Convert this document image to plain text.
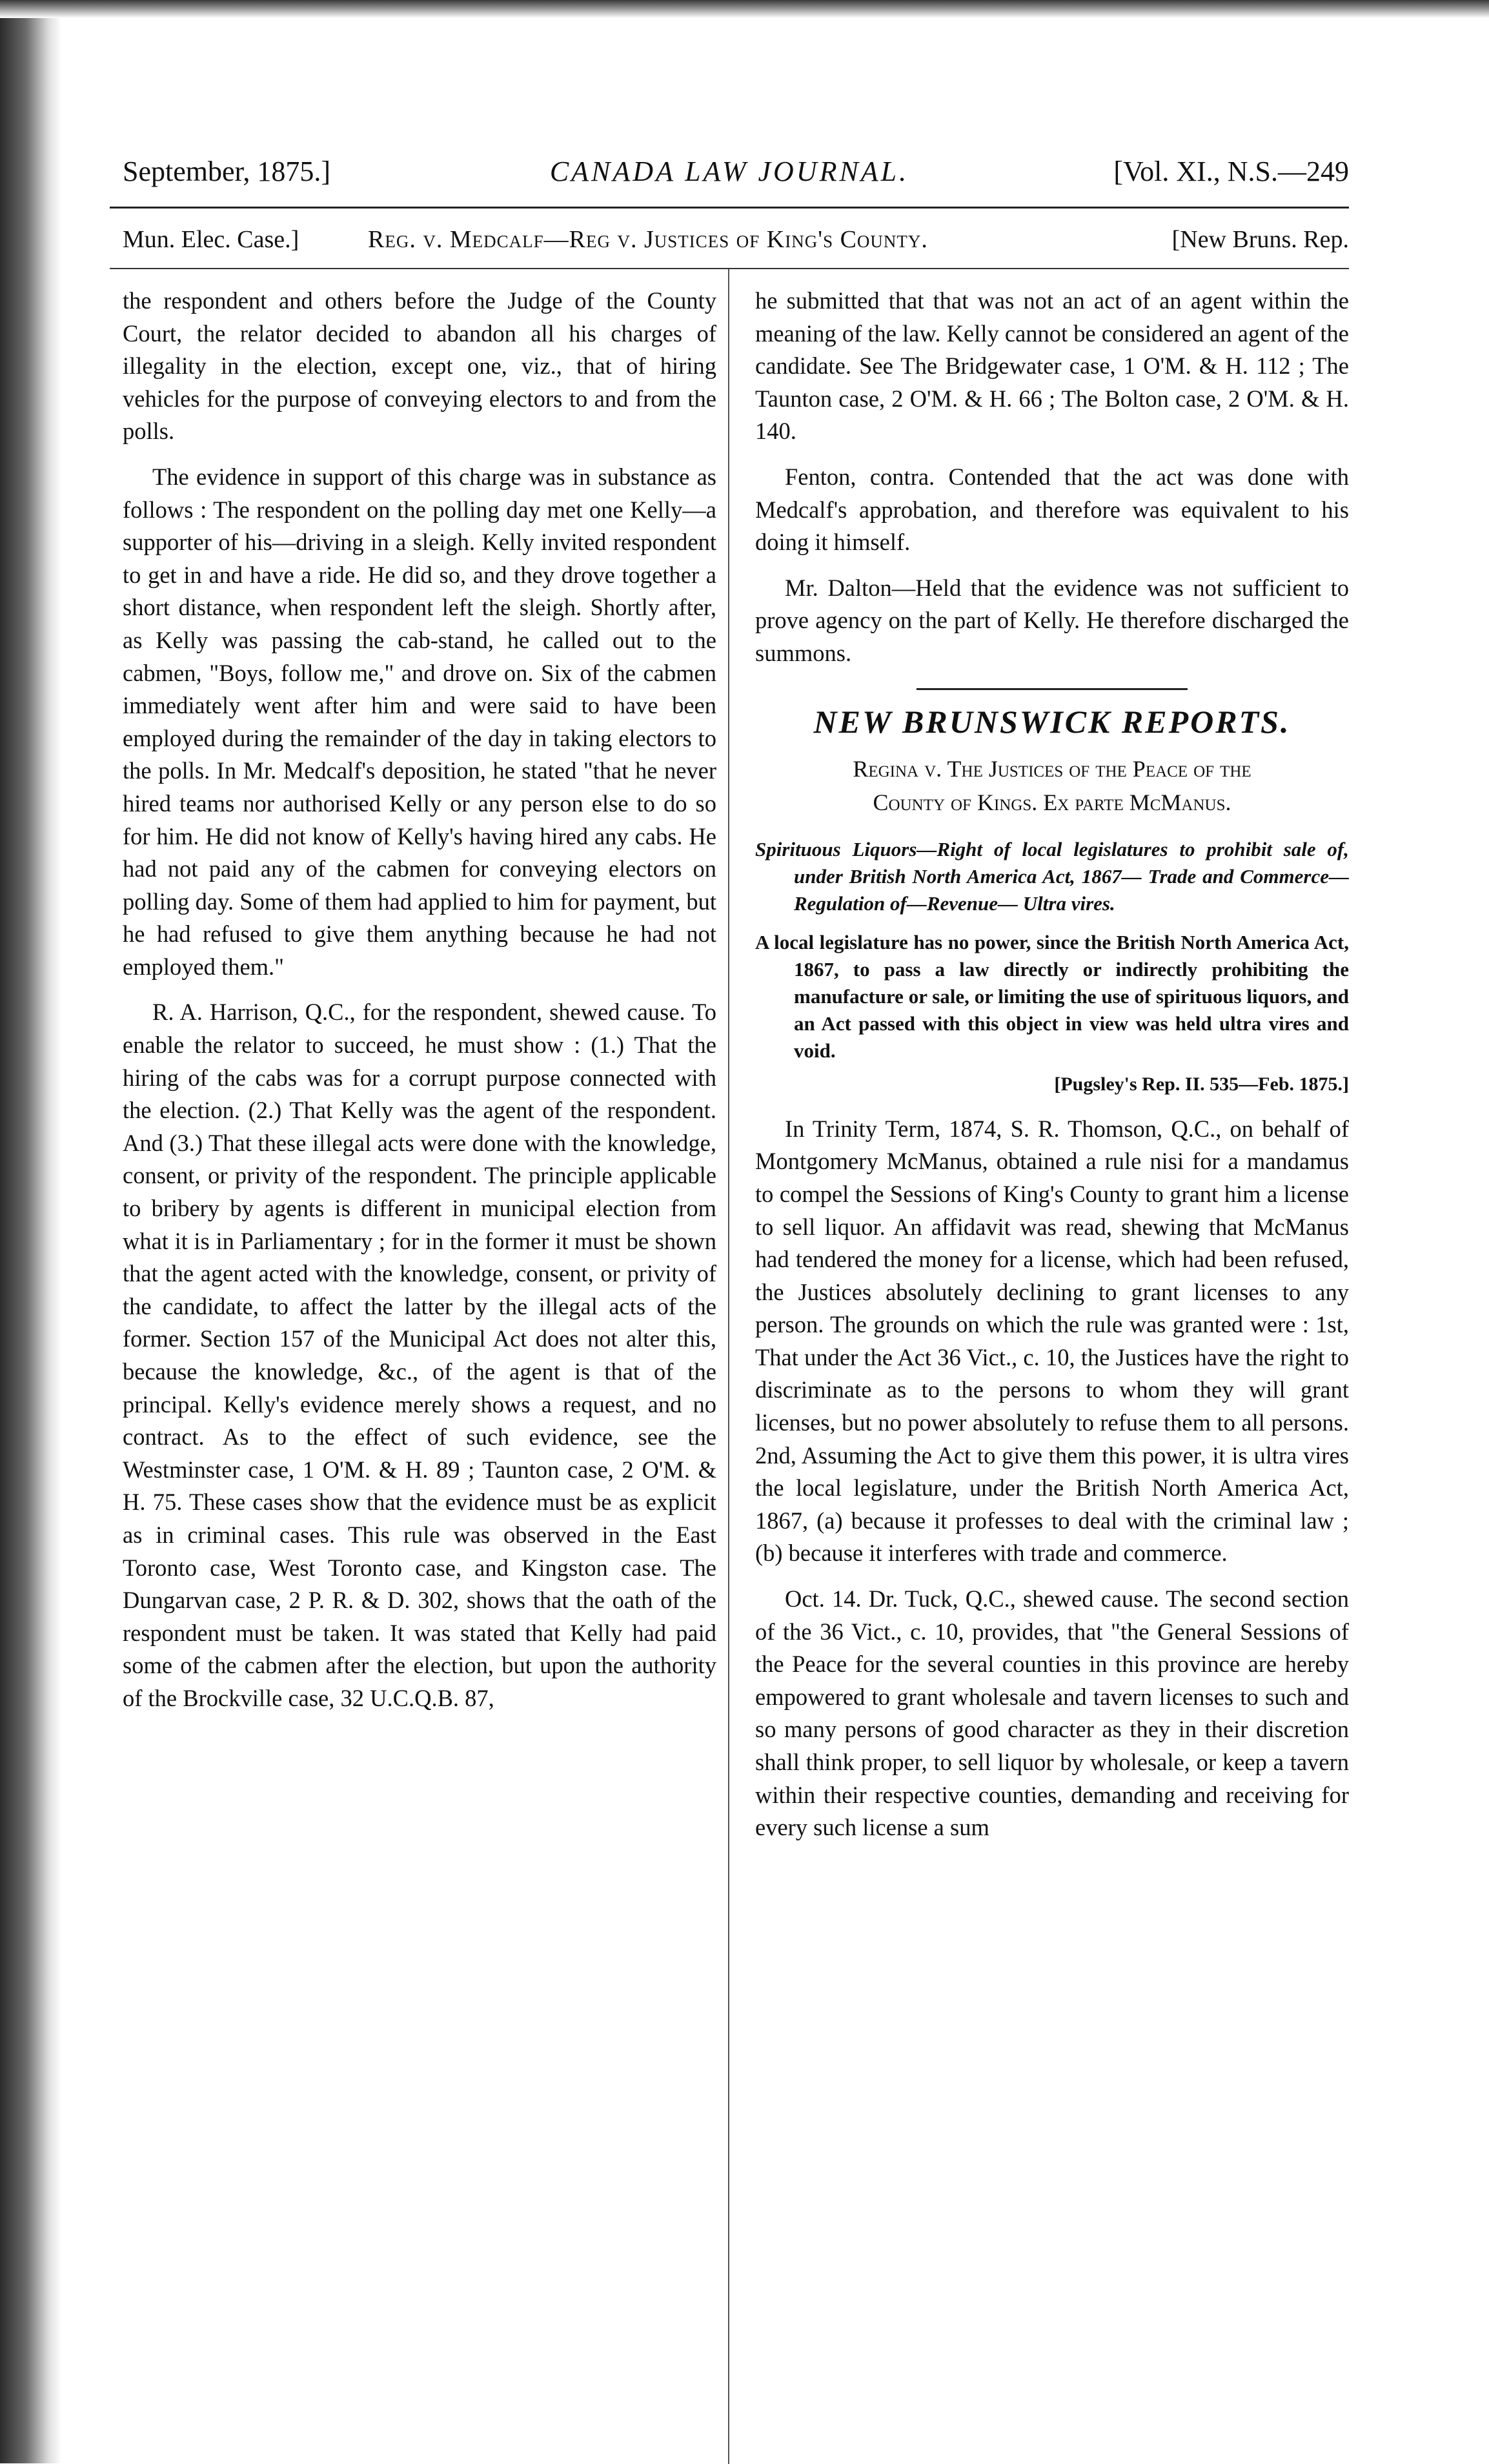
September, 1875.]	CANADA LAW JOURNAL.	[Vol. XI., N.S.—249
Mun. Elec. Case.]	Reg. v. Medcalf—Reg v. Justices of King's County.	[New Bruns. Rep.

the respondent and others before the Judge of the County Court, the relator decided to abandon all his charges of illegality in the election, except one, viz., that of hiring vehicles for the purpose of conveying electors to and from the polls.

The evidence in support of this charge was in substance as follows : The respondent on the polling day met one Kelly—a supporter of his—driving in a sleigh. Kelly invited respondent to get in and have a ride. He did so, and they drove together a short distance, when respondent left the sleigh. Shortly after, as Kelly was passing the cab-stand, he called out to the cabmen, "Boys, follow me," and drove on. Six of the cabmen immediately went after him and were said to have been employed during the remainder of the day in taking electors to the polls. In Mr. Medcalf's deposition, he stated "that he never hired teams nor authorised Kelly or any person else to do so for him. He did not know of Kelly's having hired any cabs. He had not paid any of the cabmen for conveying electors on polling day. Some of them had applied to him for payment, but he had refused to give them anything because he had not employed them."

R. A. Harrison, Q.C., for the respondent, shewed cause. To enable the relator to succeed, he must show : (1.) That the hiring of the cabs was for a corrupt purpose connected with the election. (2.) That Kelly was the agent of the respondent. And (3.) That these illegal acts were done with the knowledge, consent, or privity of the respondent. The principle applicable to bribery by agents is different in municipal election from what it is in Parliamentary ; for in the former it must be shown that the agent acted with the knowledge, consent, or privity of the candidate, to affect the latter by the illegal acts of the former. Section 157 of the Municipal Act does not alter this, because the knowledge, &c., of the agent is that of the principal. Kelly's evidence merely shows a request, and no contract. As to the effect of such evidence, see the Westminster case, 1 O'M. & H. 89 ; Taunton case, 2 O'M. & H. 75. These cases show that the evidence must be as explicit as in criminal cases. This rule was observed in the East Toronto case, West Toronto case, and Kingston case. The Dungarvan case, 2 P. R. & D. 302, shows that the oath of the respondent must be taken. It was stated that Kelly had paid some of the cabmen after the election, but upon the authority of the Brockville case, 32 U.C.Q.B. 87,

he submitted that that was not an act of an agent within the meaning of the law. Kelly cannot be considered an agent of the candidate. See The Bridgewater case, 1 O'M. & H. 112 ; The Taunton case, 2 O'M. & H. 66 ; The Bolton case, 2 O'M. & H. 140.

Fenton, contra. Contended that the act was done with Medcalf's approbation, and therefore was equivalent to his doing it himself.

Mr. Dalton—Held that the evidence was not sufficient to prove agency on the part of Kelly. He therefore discharged the summons.

NEW BRUNSWICK REPORTS.
Regina v. The Justices of the Peace of the
County of Kings. Ex parte McManus.
Spirituous Liquors—Right of local legislatures to prohibit sale of, under British North America Act, 1867— Trade and Commerce—Regulation of—Revenue— Ultra vires.
A local legislature has no power, since the British North America Act, 1867, to pass a law directly or indirectly prohibiting the manufacture or sale, or limiting the use of spirituous liquors, and an Act passed with this object in view was held ultra vires and void.
[Pugsley's Rep. II. 535—Feb. 1875.]

In Trinity Term, 1874, S. R. Thomson, Q.C., on behalf of Montgomery McManus, obtained a rule nisi for a mandamus to compel the Sessions of King's County to grant him a license to sell liquor. An affidavit was read, shewing that McManus had tendered the money for a license, which had been refused, the Justices absolutely declining to grant licenses to any person. The grounds on which the rule was granted were : 1st, That under the Act 36 Vict., c. 10, the Justices have the right to discriminate as to the persons to whom they will grant licenses, but no power absolutely to refuse them to all persons. 2nd, Assuming the Act to give them this power, it is ultra vires the local legislature, under the British North America Act, 1867, (a) because it professes to deal with the criminal law ; (b) because it interferes with trade and commerce.

Oct. 14. Dr. Tuck, Q.C., shewed cause. The second section of the 36 Vict., c. 10, provides, that "the General Sessions of the Peace for the several counties in this province are hereby empowered to grant wholesale and tavern licenses to such and so many persons of good character as they in their discretion shall think proper, to sell liquor by wholesale, or keep a tavern within their respective counties, demanding and receiving for every such license a sum
